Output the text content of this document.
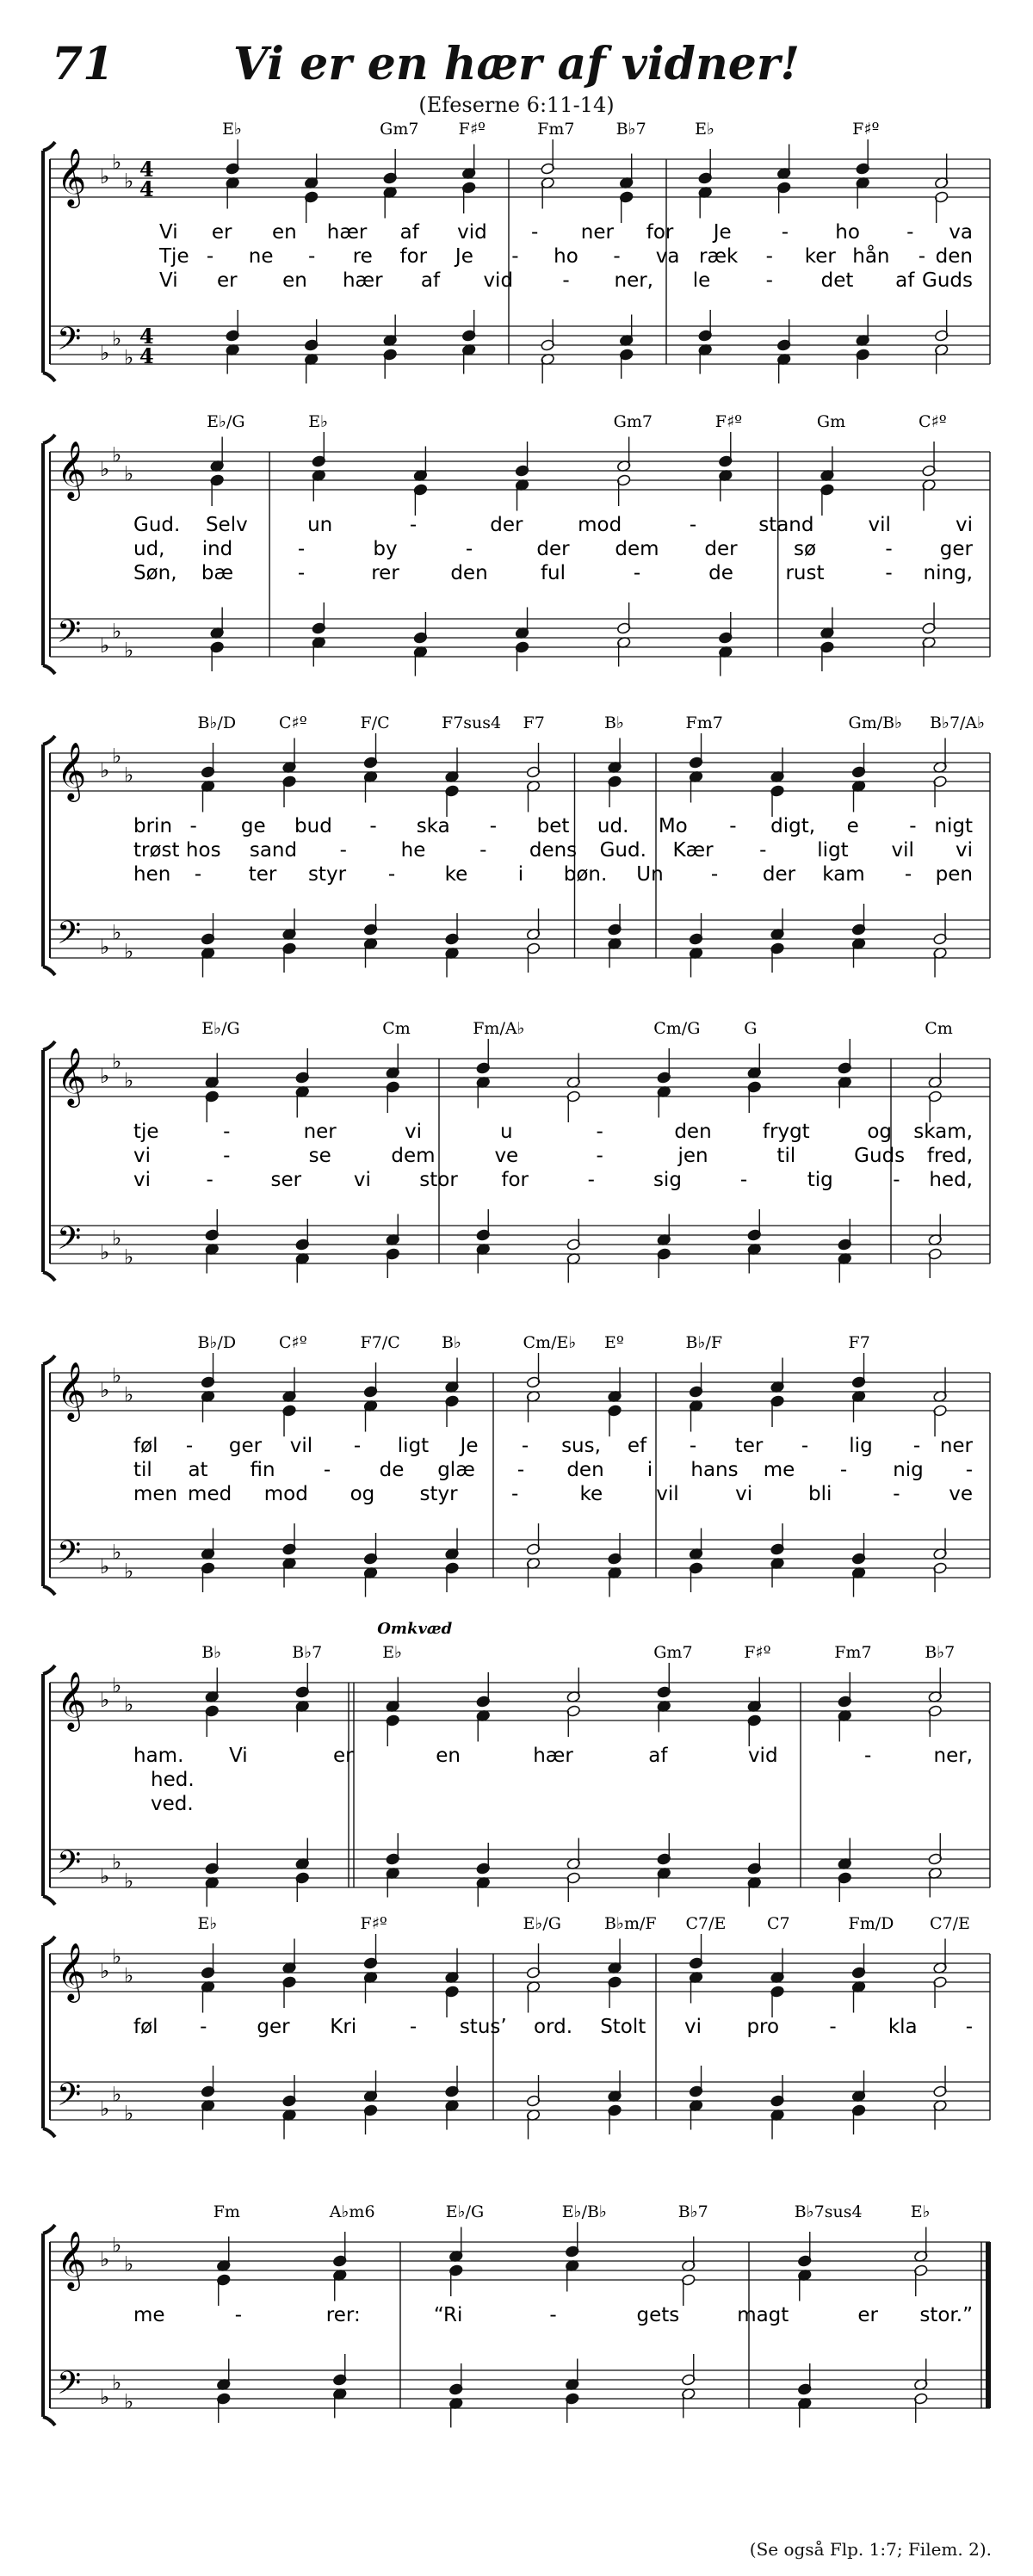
71	Vi er en hær af vidner!
(Efeserne 6:11-14)
𝄞
𝄢
♭
♭
♭
♭
♭
♭
4
4
4
4
E♭	Gm7 F♯º	Fm7	B♭7	E♭	F♯º
Vi er en hær af vid - ner for Je	- ho - va
Tje - ne - re for Je - ho - va ræk - ker hån - den
Vi er en hær af vid - ner, le	- det af Guds
𝄞
𝄢
♭
♭
♭
♭
♭
♭
E♭/G	E♭	Gm7	F♯º	Gm	C♯º
Gud. Selv	un	-	der	mod	-	stand	vil	vi
ud, ind	-	by	-	der dem der	sø	- ger
Søn, bæ	-	rer	den	ful	-	de	rust	- ning,
𝄞
𝄢
♭
♭
♭
♭
♭
♭
B♭/D	C♯º	F/C	F7sus4 F7	B♭	Fm7	Gm/B♭ B♭7/A♭
brin - ge bud - ska - bet ud. Mo - digt, e	- nigt
trøst hos sand -	he	- dens Gud. Kær -	ligt vil vi
hen - ter styr -	ke	i bøn. Un - der kam - pen
𝄞
𝄢
♭
♭
♭
♭
♭
♭
E♭/G	Cm	Fm/A♭	Cm/G	G	Cm
tje	-	ner	vi	u	-	den	frygt	og skam,
vi	-	se	dem	ve	-	jen	til	Guds fred,
vi	-	ser	vi stor for	-	sig	-	tig	- hed,
𝄞
𝄢
♭
♭
♭
♭
♭
♭
B♭/D	C♯º	F7/C	B♭	Cm/E♭ Eº	B♭/F	F7
føl - ger vil - ligt Je - sus, ef - ter - lig - ner
til at fin - de glæ - den i hans me - nig -
men med mod og styr	-	ke	vil	vi	bli	- ve
𝄞
𝄢
♭
♭
♭
♭
♭
♭
B♭	B♭7	E♭	Gm7	F♯º	Fm7	B♭7
Omkvæd
ham. Vi	er	en	hær	af	vid	-	ner,
hed.
ved.
𝄞
𝄢
♭
♭
♭
♭
♭
♭
E♭	F♯º	E♭/G	B♭m/F C7/E	C7	Fm/D C7/E
føl -	ger Kri	- stus’ ord. Stolt vi pro	-	kla -
𝄞
𝄢
♭
♭
♭
♭
♭
♭
Fm	A♭m6	E♭/G	E♭/B♭	B♭7	B♭7sus4	E♭
me	-	rer:	“Ri	-	gets	magt	er stor.”
(Se også Flp. 1:7; Filem. 2).
